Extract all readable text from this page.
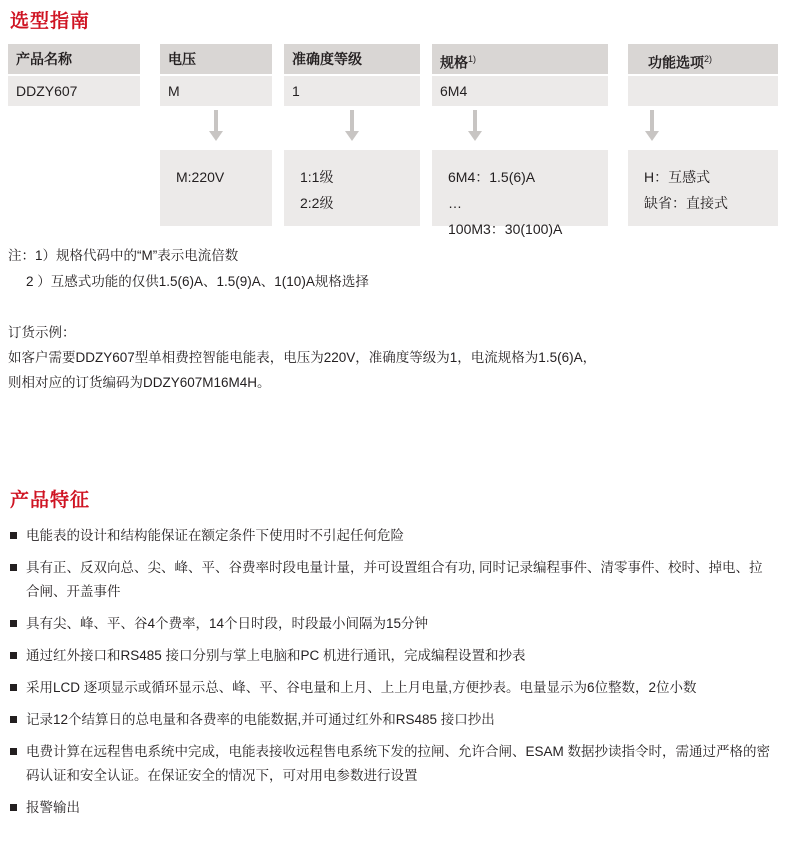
选型指南
产品名称
DDZY607
电压
M
M:220V
准确度等级
1
1:1级
2:2级
规格$^{1)}$
6M4
6M4：1.5(6)A
…
100M3：30(100)A
功能选项$^{2)}$
H：互感式
缺省：直接式
注：1）规格代码中的“M”表示电流倍数
2 ）互感式功能的仅供1.5(6)A、1.5(9)A、1(10)A规格选择
订货示例：
如客户需要DDZY607型单相费控智能电能表，电压为220V，准确度等级为1，电流规格为1.5(6)A，
则相对应的订货编码为DDZY607M16M4H。
产品特征
电能表的设计和结构能保证在额定条件下使用时不引起任何危险
具有正、反双向总、尖、峰、平、谷费率时段电量计量，并可设置组合有功, 同时记录编程事件、清零事件、校时、掉电、拉合闸、开盖事件
具有尖、峰、平、谷4个费率，14个日时段，时段最小间隔为15分钟
通过红外接口和RS485 接口分别与掌上电脑和PC 机进行通讯，完成编程设置和抄表
采用LCD 逐项显示或循环显示总、峰、平、谷电量和上月、上上月电量,方便抄表。电量显示为6位整数，2位小数
记录12个结算日的总电量和各费率的电能数据,并可通过红外和RS485 接口抄出
电费计算在远程售电系统中完成，电能表接收远程售电系统下发的拉闸、允许合闸、ESAM 数据抄读指令时，需通过严格的密码认证和安全认证。在保证安全的情况下，可对用电参数进行设置
报警输出
